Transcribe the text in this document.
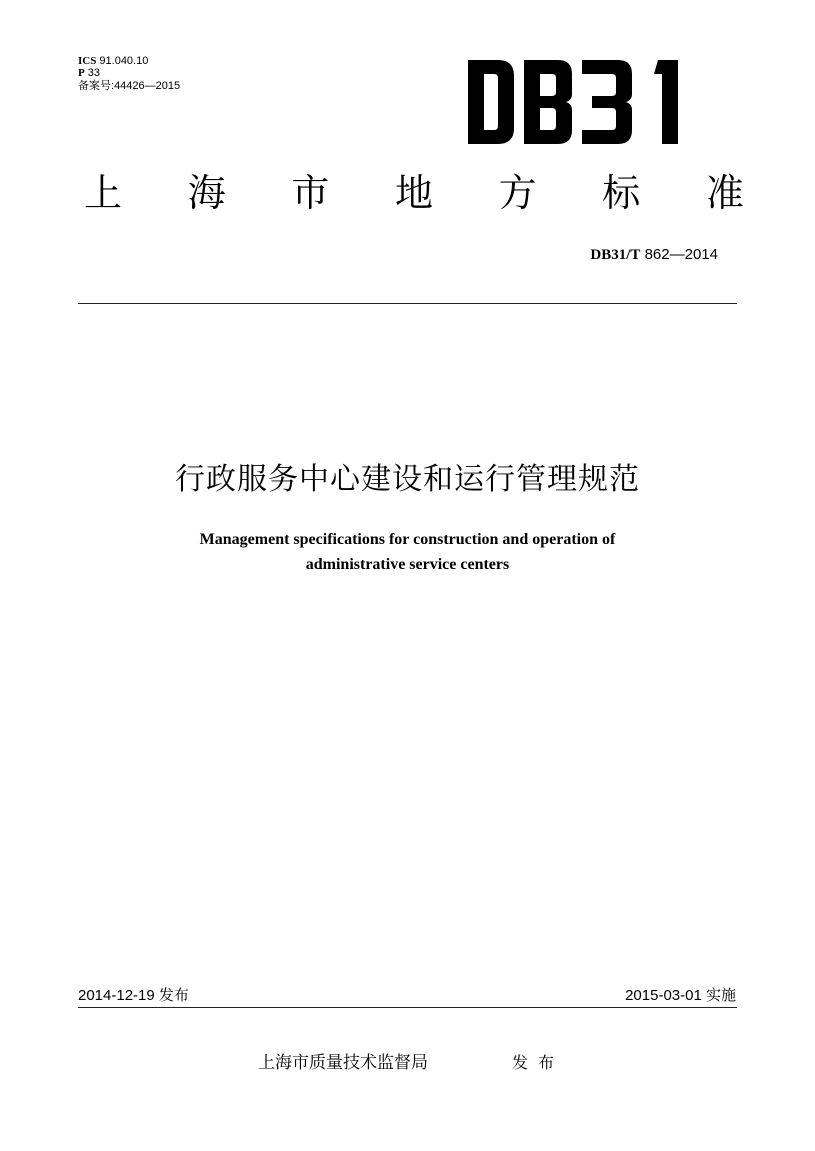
ICS 91.040.10
P 33
备案号:44426—2015
上 海 市 地 方 标 准
DB31/T 862—2014
行政服务中心建设和运行管理规范
Management specifications for construction and operation of
administrative service centers
2014-12-19 发布	2015-03-01 实施
上海市质量技术监督局	发布
